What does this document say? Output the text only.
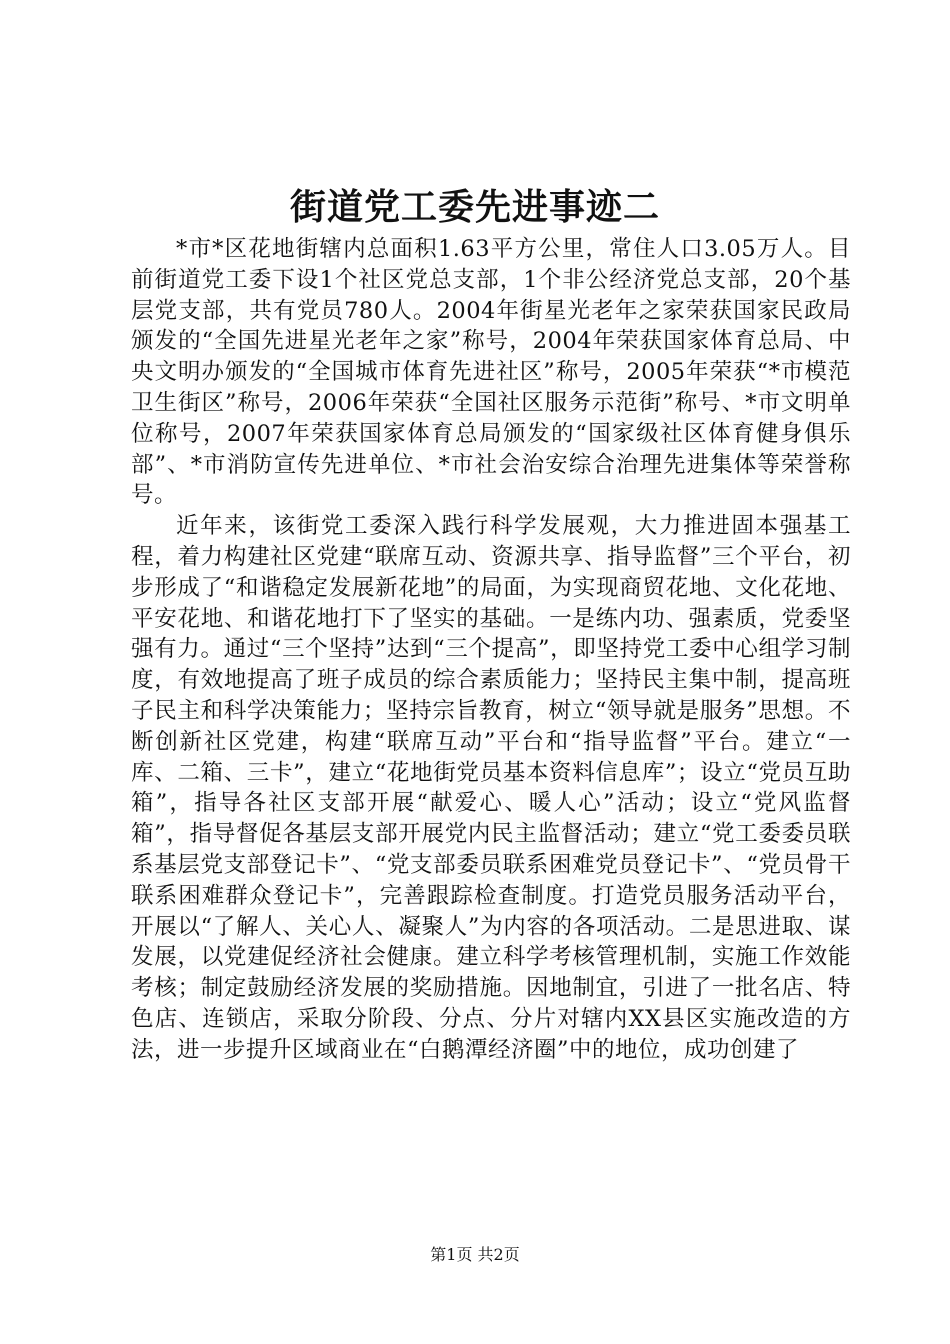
街道党工委先进事迹二

*市*区花地街辖内总面积1.63平方公里，常住人口3.05万人。目前街道党工委下设1个社区党总支部，1个非公经济党总支部，20个基层党支部，共有党员780人。2004年街星光老年之家荣获国家民政局颁发的“全国先进星光老年之家”称号，2004年荣获国家体育总局、中央文明办颁发的“全国城市体育先进社区”称号，2005年荣获“*市模范卫生街区”称号，2006年荣获“全国社区服务示范街”称号、*市文明单位称号，2007年荣获国家体育总局颁发的“国家级社区体育健身俱乐部”、*市消防宣传先进单位、*市社会治安综合治理先进集体等荣誉称号。

近年来，该街党工委深入践行科学发展观，大力推进固本强基工程，着力构建社区党建“联席互动、资源共享、指导监督”三个平台，初步形成了“和谐稳定发展新花地”的局面，为实现商贸花地、文化花地、平安花地、和谐花地打下了坚实的基础。一是练内功、强素质，党委坚强有力。通过“三个坚持”达到“三个提高”，即坚持党工委中心组学习制度，有效地提高了班子成员的综合素质能力；坚持民主集中制，提高班子民主和科学决策能力；坚持宗旨教育，树立“领导就是服务”思想。不断创新社区党建，构建“联席互动”平台和“指导监督”平台。建立“一库、二箱、三卡”，建立“花地街党员基本资料信息库”；设立“党员互助箱”，指导各社区支部开展“献爱心、暖人心”活动；设立“党风监督箱”，指导督促各基层支部开展党内民主监督活动；建立“党工委委员联系基层党支部登记卡”、“党支部委员联系困难党员登记卡”、“党员骨干联系困难群众登记卡”，完善跟踪检查制度。打造党员服务活动平台，开展以“了解人、关心人、凝聚人”为内容的各项活动。二是思进取、谋发展，以党建促经济社会健康。建立科学考核管理机制，实施工作效能考核；制定鼓励经济发展的奖励措施。因地制宜，引进了一批名店、特色店、连锁店，采取分阶段、分点、分片对辖内XX县区实施改造的方法，进一步提升区域商业在“白鹅潭经济圈”中的地位，成功创建了

第1页 共2页
